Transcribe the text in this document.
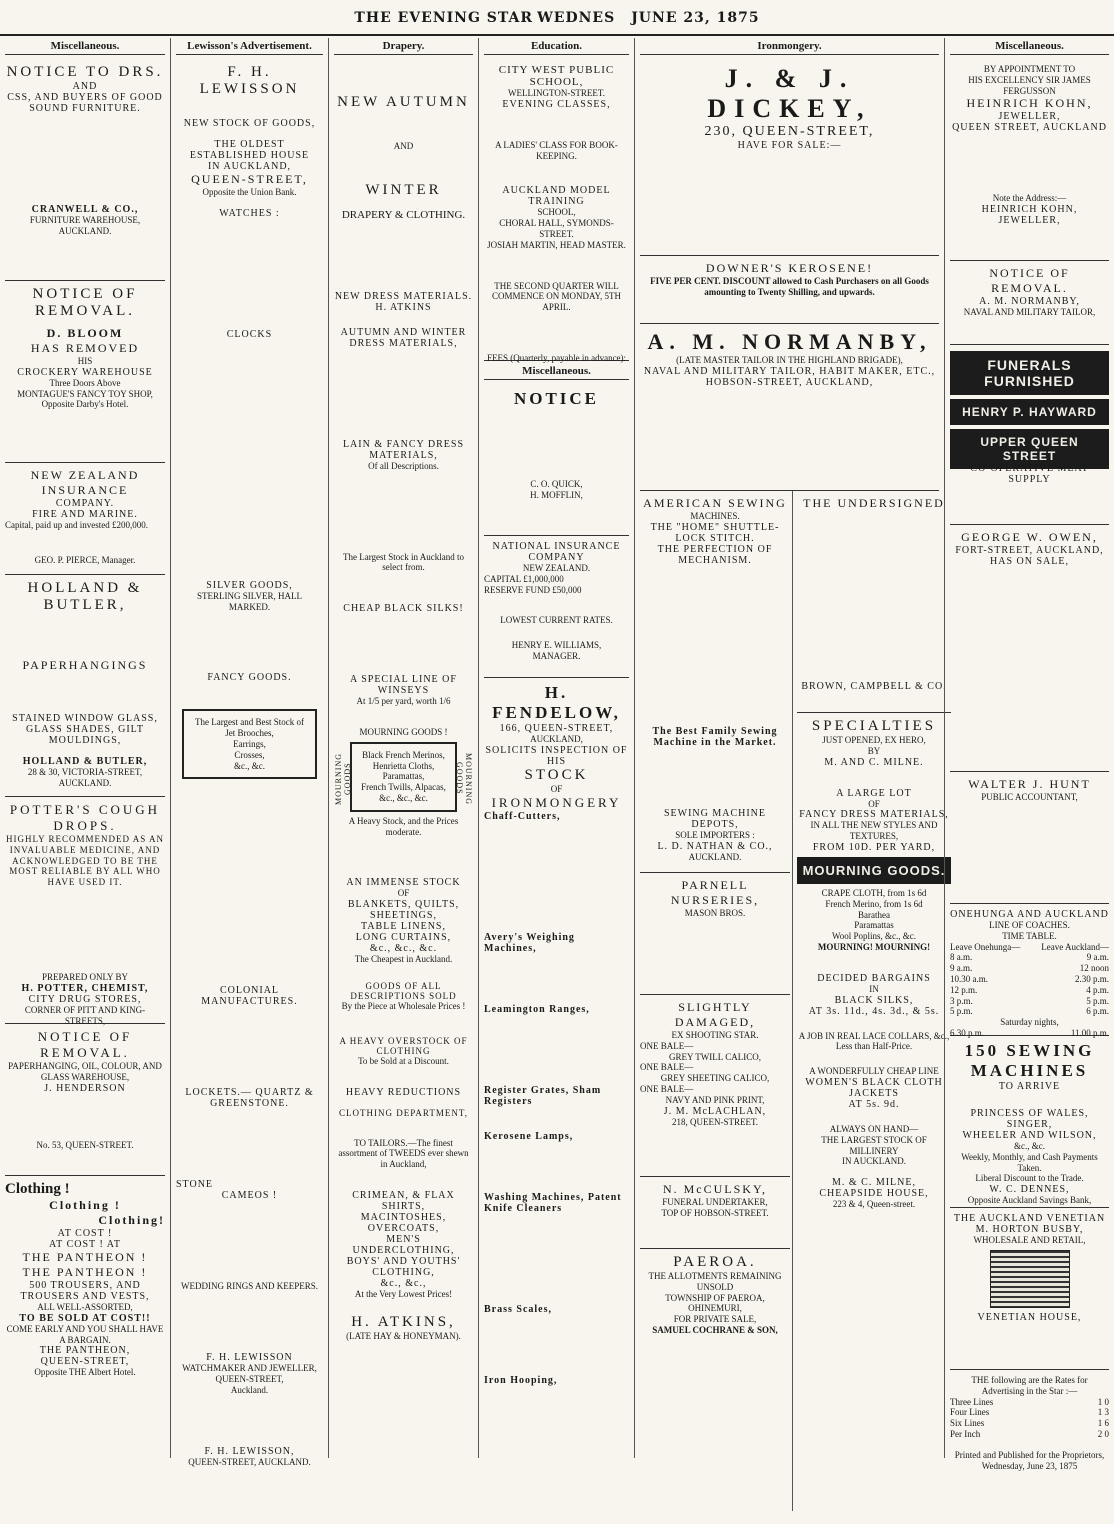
THE EVENING STAR WEDNES JUNE 23, 1875
Miscellaneous.
NOTICE TO DRS.
AND
CSS, AND BUYERS OF GOOD SOUND FURNITURE.
CRANWELL & CO.,
FURNITURE WAREHOUSE,
AUCKLAND.
NOTICE OF REMOVAL.
D. BLOOM
HAS REMOVED
HIS
CROCKERY WAREHOUSE
Three Doors Above
MONTAGUE'S FANCY TOY SHOP,
Opposite Darby's Hotel.
NEW ZEALAND INSURANCE
COMPANY.
FIRE AND MARINE.
Capital, paid up and invested £200,000.
GEO. P. PIERCE, Manager.
HOLLAND & BUTLER,
PAPERHANGINGS
STAINED WINDOW GLASS,
GLASS SHADES, GILT MOULDINGS,
HOLLAND & BUTLER,
28 & 30, VICTORIA-STREET, AUCKLAND.
POTTER'S COUGH DROPS.
HIGHLY RECOMMENDED AS AN INVALUABLE MEDICINE, AND ACKNOWLEDGED TO BE THE MOST RELIABLE BY ALL WHO HAVE USED IT.
PREPARED ONLY BY
H. POTTER, CHEMIST,
CITY DRUG STORES,
CORNER OF PITT AND KING-STREETS,
NOTICE OF REMOVAL.
PAPERHANGING, OIL, COLOUR, AND GLASS WAREHOUSE,
J. HENDERSON
No. 53, QUEEN-STREET.
Clothing !
Clothing !
Clothing!
AT COST !
AT COST ! AT
THE PANTHEON !
THE PANTHEON !
500 TROUSERS, AND TROUSERS AND VESTS,
ALL WELL-ASSORTED,
TO BE SOLD AT COST!!
COME EARLY AND YOU SHALL HAVE A BARGAIN.
THE PANTHEON,
QUEEN-STREET,
Opposite THE Albert Hotel.
Lewisson's Advertisement.
F. H. LEWISSON
NEW STOCK OF GOODS,
THE OLDEST ESTABLISHED HOUSE
IN AUCKLAND,
QUEEN-STREET,
Opposite the Union Bank.
WATCHES :
CLOCKS
SILVER GOODS,
STERLING SILVER, HALL MARKED.
FANCY GOODS.
The Largest and Best Stock of
Jet Brooches,
Earrings,
Crosses,
&c., &c.
COLONIAL MANUFACTURES.
LOCKETS.— QUARTZ & GREENSTONE.
STONE
CAMEOS !
WEDDING RINGS AND KEEPERS.
F. H. LEWISSON
WATCHMAKER AND JEWELLER,
QUEEN-STREET,
Auckland.
F. H. LEWISSON,
QUEEN-STREET, AUCKLAND.
Drapery.
NEW AUTUMN
AND
WINTER
DRAPERY & CLOTHING.
NEW DRESS MATERIALS.
H. ATKINS
AUTUMN AND WINTER
DRESS MATERIALS,
LAIN & FANCY DRESS MATERIALS,
Of all Descriptions.
The Largest Stock in Auckland to select from.
CHEAP BLACK SILKS!
A SPECIAL LINE OF WINSEYS
At 1/5 per yard, worth 1/6
MOURNING GOODS !
Black French Merinos,
Henrietta Cloths,
Paramattas,
French Twills, Alpacas,
&c., &c., &c.
MOURNING GOODS	MOURNING GOODS
A Heavy Stock, and the Prices moderate.
AN IMMENSE STOCK
OF
BLANKETS, QUILTS, SHEETINGS,
TABLE LINENS,
LONG CURTAINS,
&c., &c., &c.
The Cheapest in Auckland.
GOODS OF ALL DESCRIPTIONS SOLD
By the Piece at Wholesale Prices !
A HEAVY OVERSTOCK OF CLOTHING
To be Sold at a Discount.
HEAVY REDUCTIONS
CLOTHING DEPARTMENT,
TO TAILORS.—The finest assortment of TWEEDS ever shewn in Auckland,
CRIMEAN, & FLAX SHIRTS,
MACINTOSHES, OVERCOATS,
MEN'S UNDERCLOTHING,
BOYS' AND YOUTHS' CLOTHING,
&c., &c.,
At the Very Lowest Prices!
H. ATKINS,
(LATE HAY & HONEYMAN).
Education.
CITY WEST PUBLIC SCHOOL,
WELLINGTON-STREET.
EVENING CLASSES,
A LADIES' CLASS FOR BOOK-KEEPING.
AUCKLAND MODEL TRAINING
SCHOOL,
CHORAL HALL, SYMONDS-STREET.
JOSIAH MARTIN, HEAD MASTER.
THE SECOND QUARTER WILL COMMENCE ON MONDAY, 5TH APRIL.
FEES (Quarterly, payable in advance):
Miscellaneous.
NOTICE
C. O. QUICK,
H. MOFFLIN,
NATIONAL INSURANCE COMPANY
NEW ZEALAND.
CAPITAL £1,000,000
RESERVE FUND £50,000
LOWEST CURRENT RATES.
HENRY E. WILLIAMS,
MANAGER.
H. FENDELOW,
166, QUEEN-STREET,
AUCKLAND,
SOLICITS INSPECTION OF HIS
STOCK
OF
IRONMONGERY
Chaff-Cutters,
Avery's Weighing Machines,
Leamington Ranges,
Register Grates, Sham Registers
Kerosene Lamps,
Washing Machines, Patent Knife Cleaners
Brass Scales,
Iron Hooping,
Ironmongery.
J. & J. DICKEY,
230, QUEEN-STREET,
HAVE FOR SALE:—
DOWNER'S KEROSENE!
FIVE PER CENT. DISCOUNT allowed to Cash Purchasers on all Goods amounting to Twenty Shilling, and upwards.
A. M. NORMANBY,
(LATE MASTER TAILOR IN THE HIGHLAND BRIGADE),
NAVAL AND MILITARY TAILOR, HABIT MAKER, ETC.,
HOBSON-STREET, AUCKLAND,
AMERICAN SEWING
MACHINES.
THE "HOME" SHUTTLE-LOCK STITCH.
THE PERFECTION OF MECHANISM.
The Best Family Sewing Machine in the Market.
SEWING MACHINE DEPOTS,
SOLE IMPORTERS :
L. D. NATHAN & CO.,
AUCKLAND.
PARNELL NURSERIES,
MASON BROS.
SLIGHTLY DAMAGED,
EX SHOOTING STAR.
ONE BALE—
GREY TWILL CALICO,
ONE BALE—
GREY SHEETING CALICO,
ONE BALE—
NAVY AND PINK PRINT,
J. M. McLACHLAN,
218, QUEEN-STREET.
N. McCULSKY,
FUNERAL UNDERTAKER,
TOP OF HOBSON-STREET.
PAEROA.
THE ALLOTMENTS REMAINING UNSOLD
TOWNSHIP OF PAEROA, OHINEMURI,
FOR PRIVATE SALE,
SAMUEL COCHRANE & SON,
THE UNDERSIGNED
BROWN, CAMPBELL & CO.
SPECIALTIES
JUST OPENED, EX HERO,
BY
M. AND C. MILNE.
A LARGE LOT
OF
FANCY DRESS MATERIALS,
IN ALL THE NEW STYLES AND TEXTURES,
FROM 10D. PER YARD,
MOURNING GOODS.
CRAPE CLOTH, from 1s 6d
French Merino, from 1s 6d
Barathea
Paramattas
Wool Poplins, &c., &c.
MOURNING! MOURNING!
DECIDED BARGAINS
IN
BLACK SILKS,
AT 3s. 11d., 4s. 3d., & 5s.
A JOB IN REAL LACE COLLARS, &c.,
Less than Half-Price.
A WONDERFULLY CHEAP LINE
WOMEN'S BLACK CLOTH JACKETS
AT 5s. 9d.
ALWAYS ON HAND—
THE LARGEST STOCK OF MILLINERY
IN AUCKLAND.
M. & C. MILNE,
CHEAPSIDE HOUSE,
223 & 4, Queen-street.
Miscellaneous.
BY APPOINTMENT TO
HIS EXCELLENCY SIR JAMES FERGUSSON
HEINRICH KOHN,
JEWELLER,
QUEEN STREET, AUCKLAND
Note the Address:—
HEINRICH KOHN,
JEWELLER,
NOTICE OF REMOVAL.
A. M. NORMANBY,
NAVAL AND MILITARY TAILOR,
FUNERALS FURNISHED
HENRY P. HAYWARD
UPPER QUEEN STREET
CO-OPERATIVE MEAT SUPPLY
GEORGE W. OWEN,
FORT-STREET, AUCKLAND,
HAS ON SALE,
WALTER J. HUNT
PUBLIC ACCOUNTANT,
ONEHUNGA AND AUCKLAND
LINE OF COACHES.
TIME TABLE.
Leave Onehunga— Leave Auckland—
8 a.m.	9 a.m.
9 a.m.	12 noon
10.30 a.m.	2.30 p.m.
12 p.m.	4 p.m.
3 p.m.	5 p.m.
5 p.m.	6 p.m.
Saturday nights,
6.30 p.m.	11.00 p.m.
150 SEWING MACHINES
TO ARRIVE
PRINCESS OF WALES,
SINGER,
WHEELER AND WILSON,
&c., &c.
Weekly, Monthly, and Cash Payments Taken.
Liberal Discount to the Trade.
W. C. DENNES,
Opposite Auckland Savings Bank,
THE AUCKLAND VENETIAN
M. HORTON BUSBY,
WHOLESALE AND RETAIL,
VENETIAN HOUSE,
THE following are the Rates for Advertising in the Star :—
Three Lines	1 0
Four Lines	1 3
Six Lines	1 6
Per Inch	2 0
Printed and Published for the Proprietors,
Wednesday, June 23, 1875
